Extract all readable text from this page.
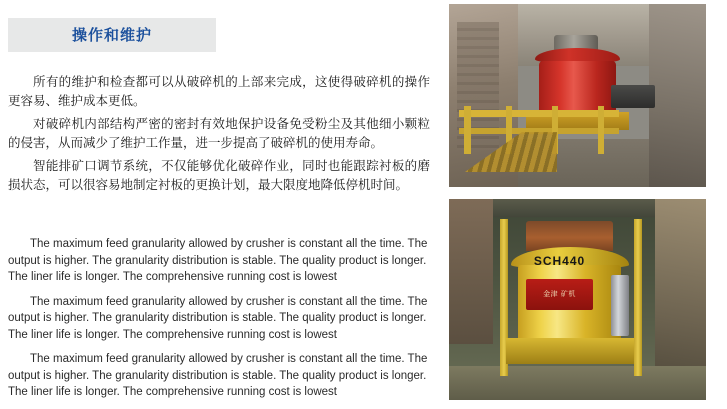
操作和维护

所有的维护和检查都可以从破碎机的上部来完成，这使得破碎机的操作更容易、维护成本更低。

对破碎机内部结构严密的密封有效地保护设备免受粉尘及其他细小颗粒的侵害，从而减少了维护工作量，进一步提高了破碎机的使用寿命。

智能排矿口调节系统，不仅能够优化破碎作业，同时也能跟踪衬板的磨损状态，可以很容易地制定衬板的更换计划，最大限度地降低停机时间。

The maximum feed granularity allowed by crusher is constant all the time. The output is higher. The granularity distribution is stable. The quality product is longer. The liner life is longer. The comprehensive running cost is lowest

The maximum feed granularity allowed by crusher is constant all the time. The output is higher. The granularity distribution is stable. The quality product is longer. The liner life is longer. The comprehensive running cost is lowest

The maximum feed granularity allowed by crusher is constant all the time. The output is higher. The granularity distribution is stable. The quality product is longer. The liner life is longer. The comprehensive running cost is lowest

SCH440
金津 矿机
